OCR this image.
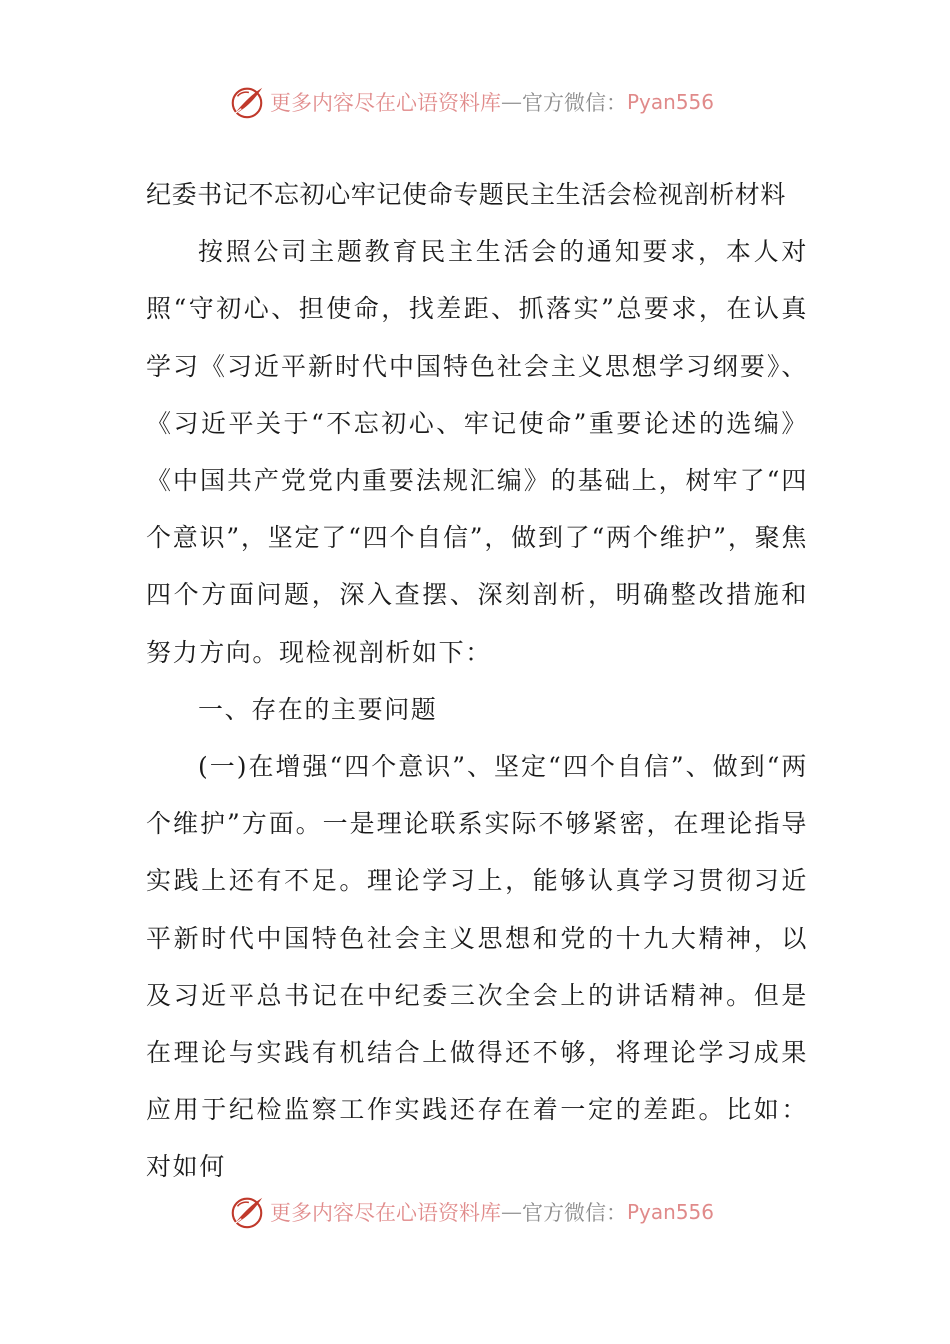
更多内容尽在心语资料库 — 官方微信： Pyan556

纪委书记不忘初心牢记使命专题民主生活会检视剖析材料

按照公司主题教育民主生活会的通知要求，本人对照“守初心、担使命，找差距、抓落实”总要求，在认真学习《习近平新时代中国特色社会主义思想学习纲要》、《习近平关于“不忘初心、牢记使命”重要论述的选编》《中国共产党党内重要法规汇编》的基础上，树牢了“四个意识”，坚定了“四个自信”，做到了“两个维护”，聚焦四个方面问题，深入查摆、深刻剖析，明确整改措施和努力方向。现检视剖析如下：

一、存在的主要问题

(一)在增强“四个意识”、坚定“四个自信”、做到“两个维护”方面。一是理论联系实际不够紧密，在理论指导实践上还有不足。理论学习上，能够认真学习贯彻习近平新时代中国特色社会主义思想和党的十九大精神，以及习近平总书记在中纪委三次全会上的讲话精神。但是在理论与实践有机结合上做得还不够，将理论学习成果应用于纪检监察工作实践还存在着一定的差距。比如：对如何

更多内容尽在心语资料库 — 官方微信： Pyan556
